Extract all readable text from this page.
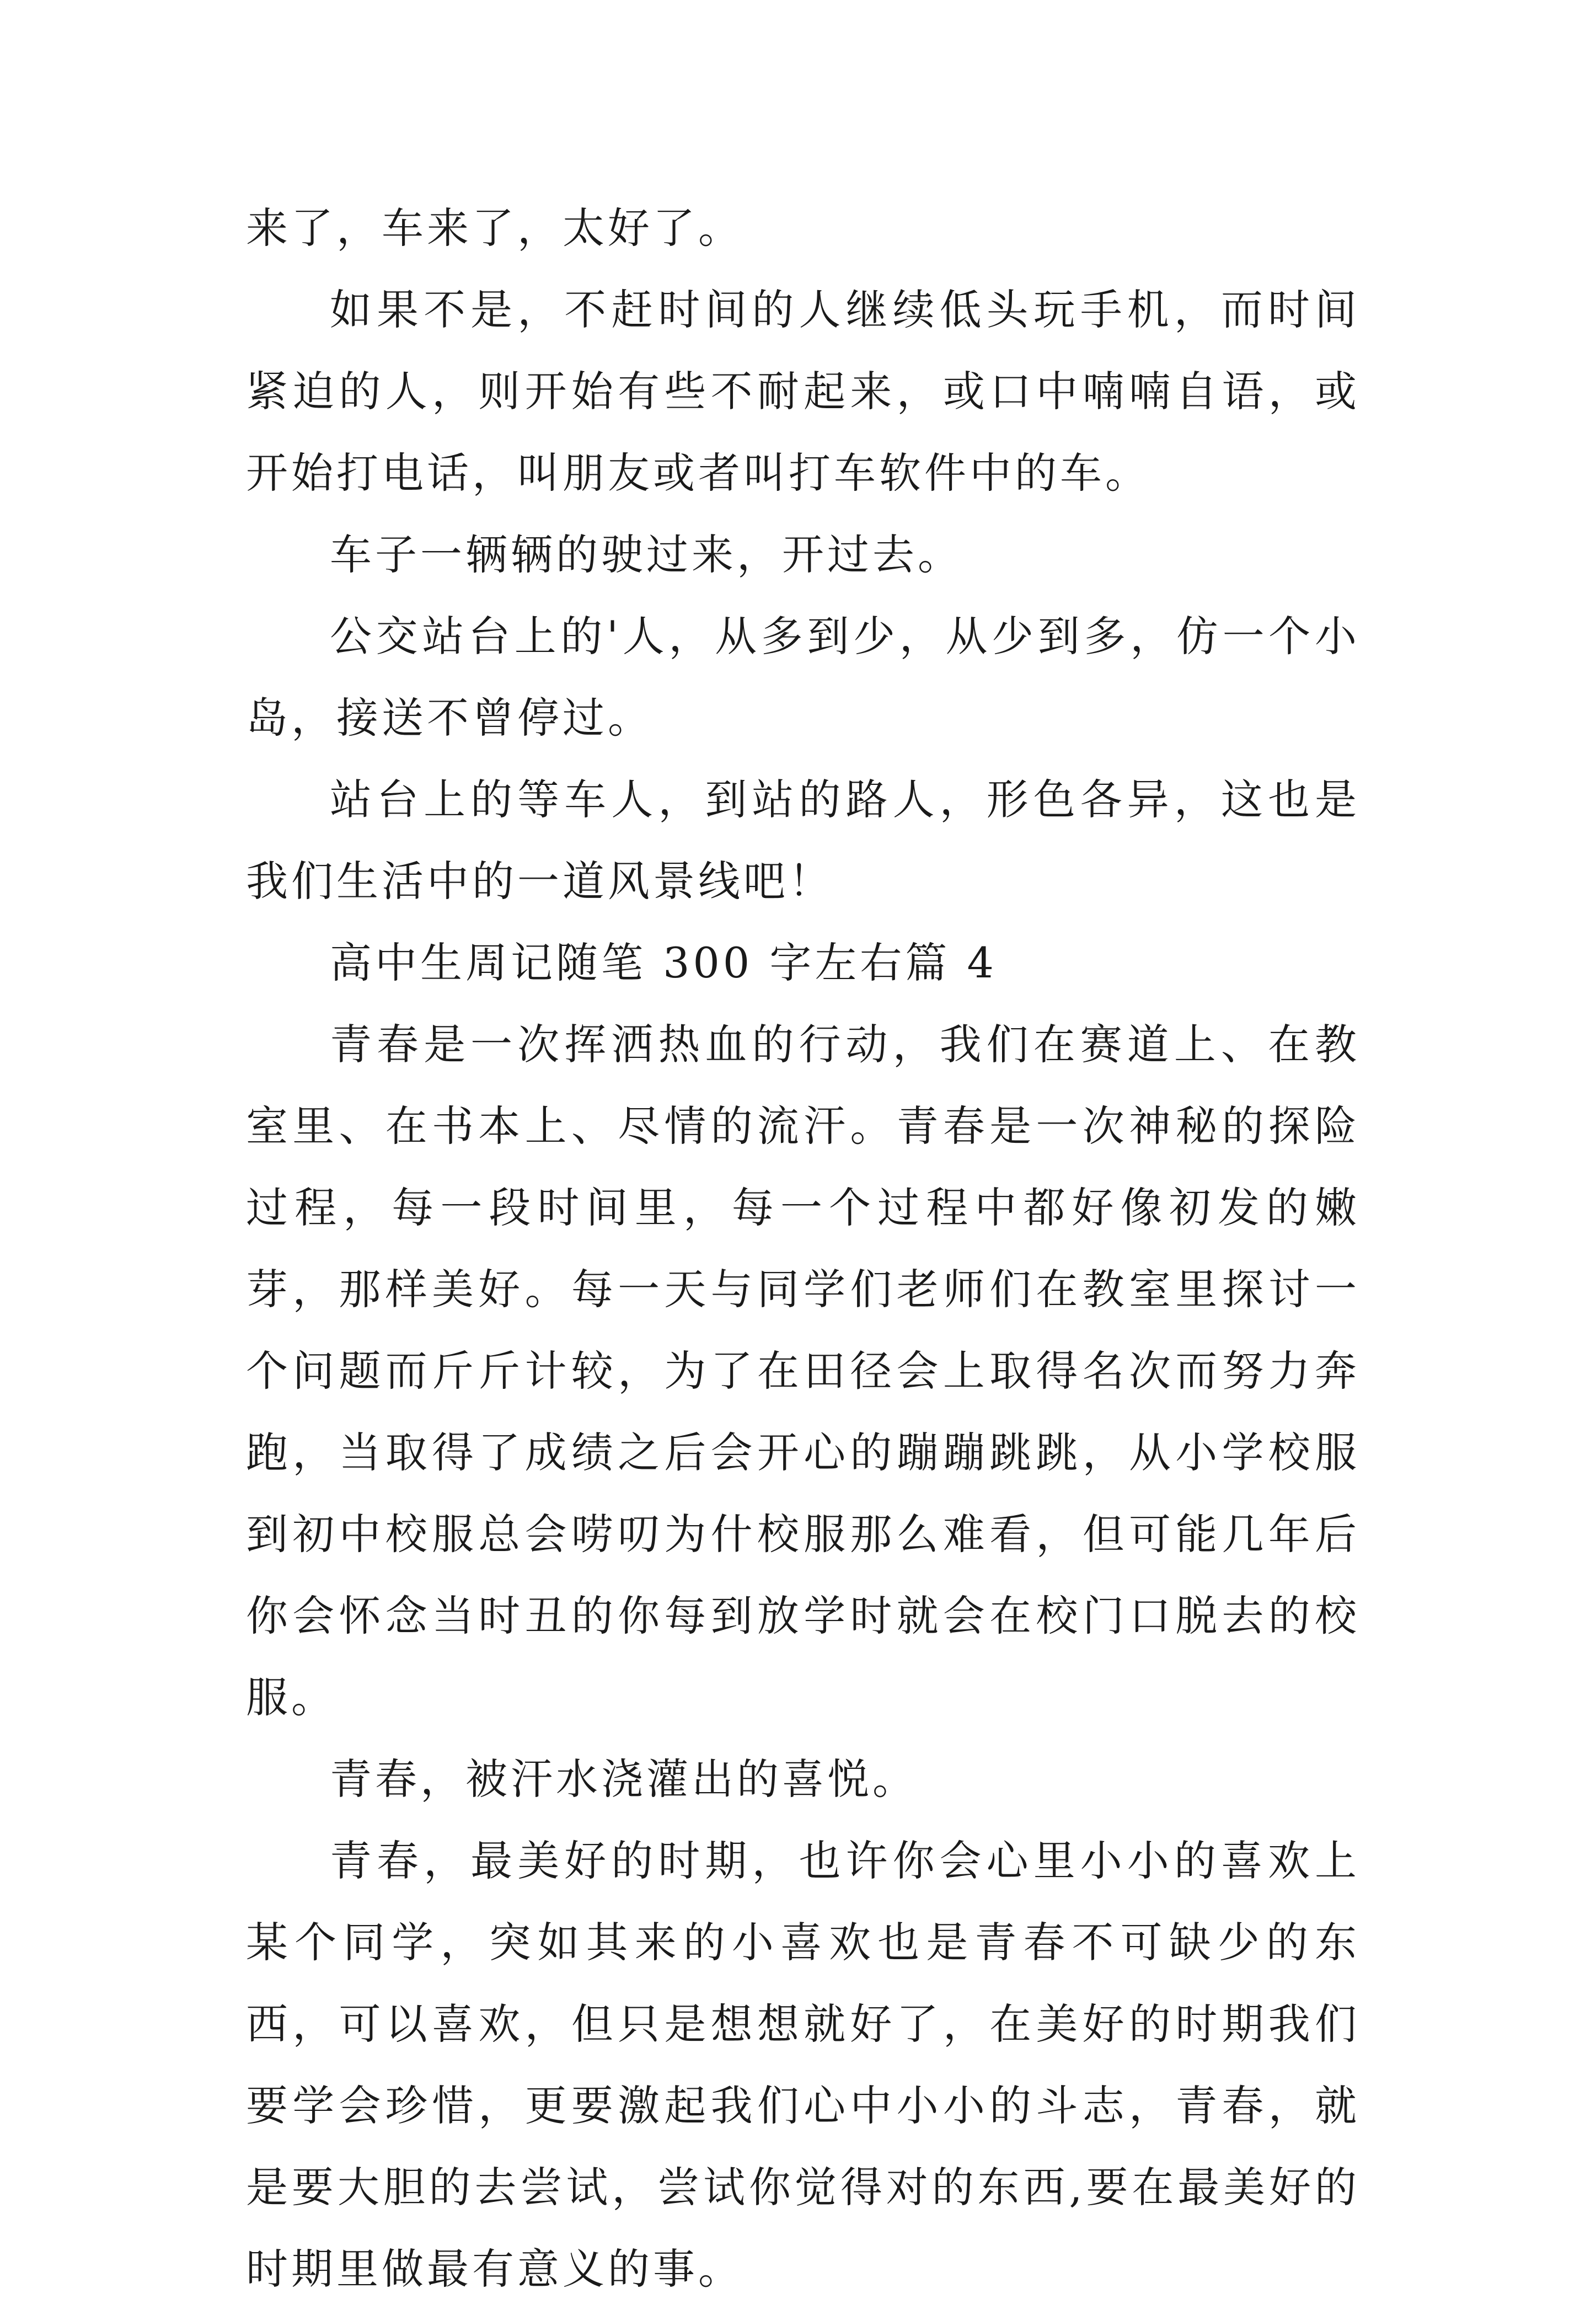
来了，车来了，太好了。

如果不是，不赶时间的人继续低头玩手机，而时间紧迫的人，则开始有些不耐起来，或口中喃喃自语，或开始打电话，叫朋友或者叫打车软件中的车。

车子一辆辆的驶过来，开过去。

公交站台上的'人，从多到少，从少到多，仿一个小岛，接送不曾停过。

站台上的等车人，到站的路人，形色各异，这也是我们生活中的一道风景线吧！

高中生周记随笔 300 字左右篇 4

青春是一次挥洒热血的行动，我们在赛道上、在教室里、在书本上、尽情的流汗。青春是一次神秘的探险过程，每一段时间里，每一个过程中都好像初发的嫩芽，那样美好。每一天与同学们老师们在教室里探讨一个问题而斤斤计较，为了在田径会上取得名次而努力奔跑，当取得了成绩之后会开心的蹦蹦跳跳，从小学校服到初中校服总会唠叨为什校服那么难看，但可能几年后你会怀念当时丑的你每到放学时就会在校门口脱去的校服。

青春，被汗水浇灌出的喜悦。

青春，最美好的时期，也许你会心里小小的喜欢上某个同学，突如其来的小喜欢也是青春不可缺少的东西，可以喜欢，但只是想想就好了，在美好的时期我们要学会珍惜，更要激起我们心中小小的斗志，青春，就是要大胆的去尝试，尝试你觉得对的东西,要在最美好的时期里做最有意义的事。
